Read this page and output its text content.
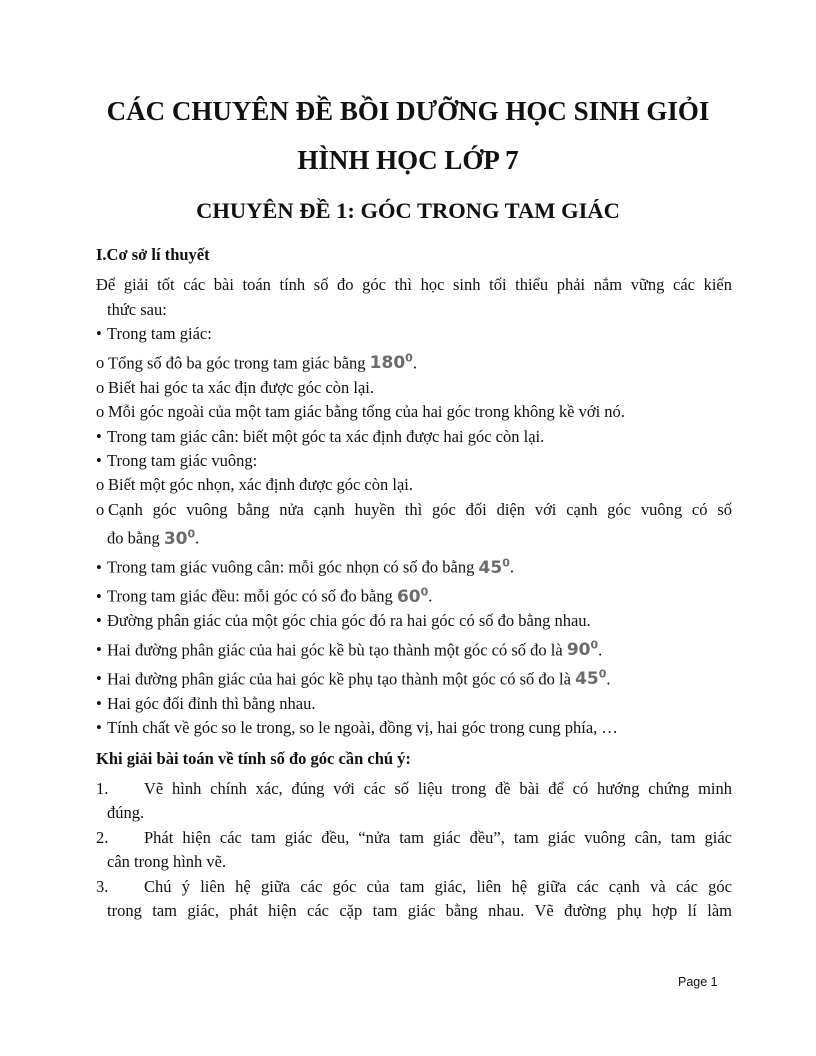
CÁC CHUYÊN ĐỀ BỒI DƯỠNG HỌC SINH GIỎI
HÌNH HỌC LỚP 7
CHUYÊN ĐỀ 1: GÓC TRONG TAM GIÁC
I.Cơ sở lí thuyết
Để giải tốt các bài toán tính số đo góc thì học sinh tối thiểu phải nắm vững các kiến
thức sau:
• Trong tam giác:
o Tổng số đô ba góc trong tam giác bằng $180^0$.
o Biết hai góc ta xác địn được góc còn lại.
o Mỗi góc ngoài của một tam giác bằng tổng của hai góc trong không kề với nó.
• Trong tam giác cân: biết một góc ta xác định được hai góc còn lại.
• Trong tam giác vuông:
o Biết một góc nhọn, xác định được góc còn lại.
o Cạnh góc vuông bằng nửa cạnh huyền thì góc đối diện với cạnh góc vuông có số
đo bằng $30^0$.
• Trong tam giác vuông cân: mỗi góc nhọn có số đo bằng $45^0$.
• Trong tam giác đều: mỗi góc có số đo bằng $60^0$.
• Đường phân giác của một góc chia góc đó ra hai góc có số đo bằng nhau.
• Hai đường phân giác của hai góc kề bù tạo thành một góc có số đo là $90^0$.
• Hai đường phân giác của hai góc kề phụ tạo thành một góc có số đo là $45^0$.
• Hai góc đối đỉnh thì bằng nhau.
• Tính chất về góc so le trong, so le ngoài, đồng vị, hai góc trong cung phía, …
Khi giải bài toán về tính số đo góc cần chú ý:
1. Vẽ hình chính xác, đúng với các số liệu trong đề bài để có hướng chứng minh
đúng.
2. Phát hiện các tam giác đều, “nửa tam giác đều”, tam giác vuông cân, tam giác
cân trong hình vẽ.
3. Chú ý liên hệ giữa các góc của tam giác, liên hệ giữa các cạnh và các góc
trong tam giác, phát hiện các cặp tam giác bằng nhau. Vẽ đường phụ hợp lí làm
Page 1
